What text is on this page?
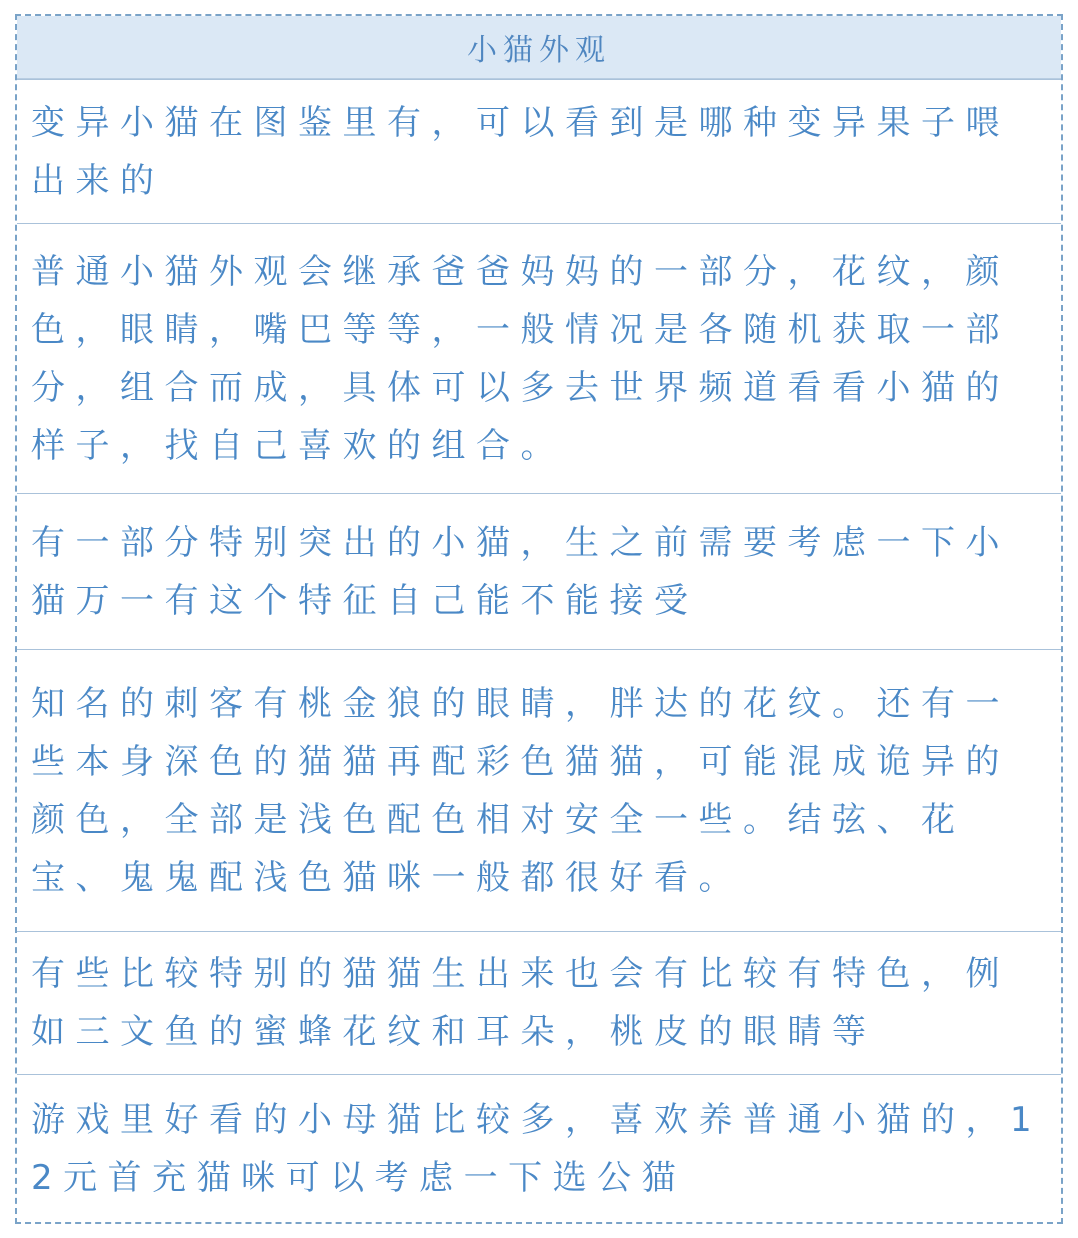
小猫外观

变异小猫在图鉴里有，可以看到是哪种变异果子喂出来的

普通小猫外观会继承爸爸妈妈的一部分，花纹，颜色，眼睛，嘴巴等等，一般情况是各随机获取一部分，组合而成，具体可以多去世界频道看看小猫的样子，找自己喜欢的组合。

有一部分特别突出的小猫，生之前需要考虑一下小猫万一有这个特征自己能不能接受

知名的刺客有桃金狼的眼睛，胖达的花纹。还有一些本身深色的猫猫再配彩色猫猫，可能混成诡异的颜色，全部是浅色配色相对安全一些。结弦、花宝、鬼鬼配浅色猫咪一般都很好看。

有些比较特别的猫猫生出来也会有比较有特色，例如三文鱼的蜜蜂花纹和耳朵，桃皮的眼睛等

游戏里好看的小母猫比较多，喜欢养普通小猫的，12元首充猫咪可以考虑一下选公猫
